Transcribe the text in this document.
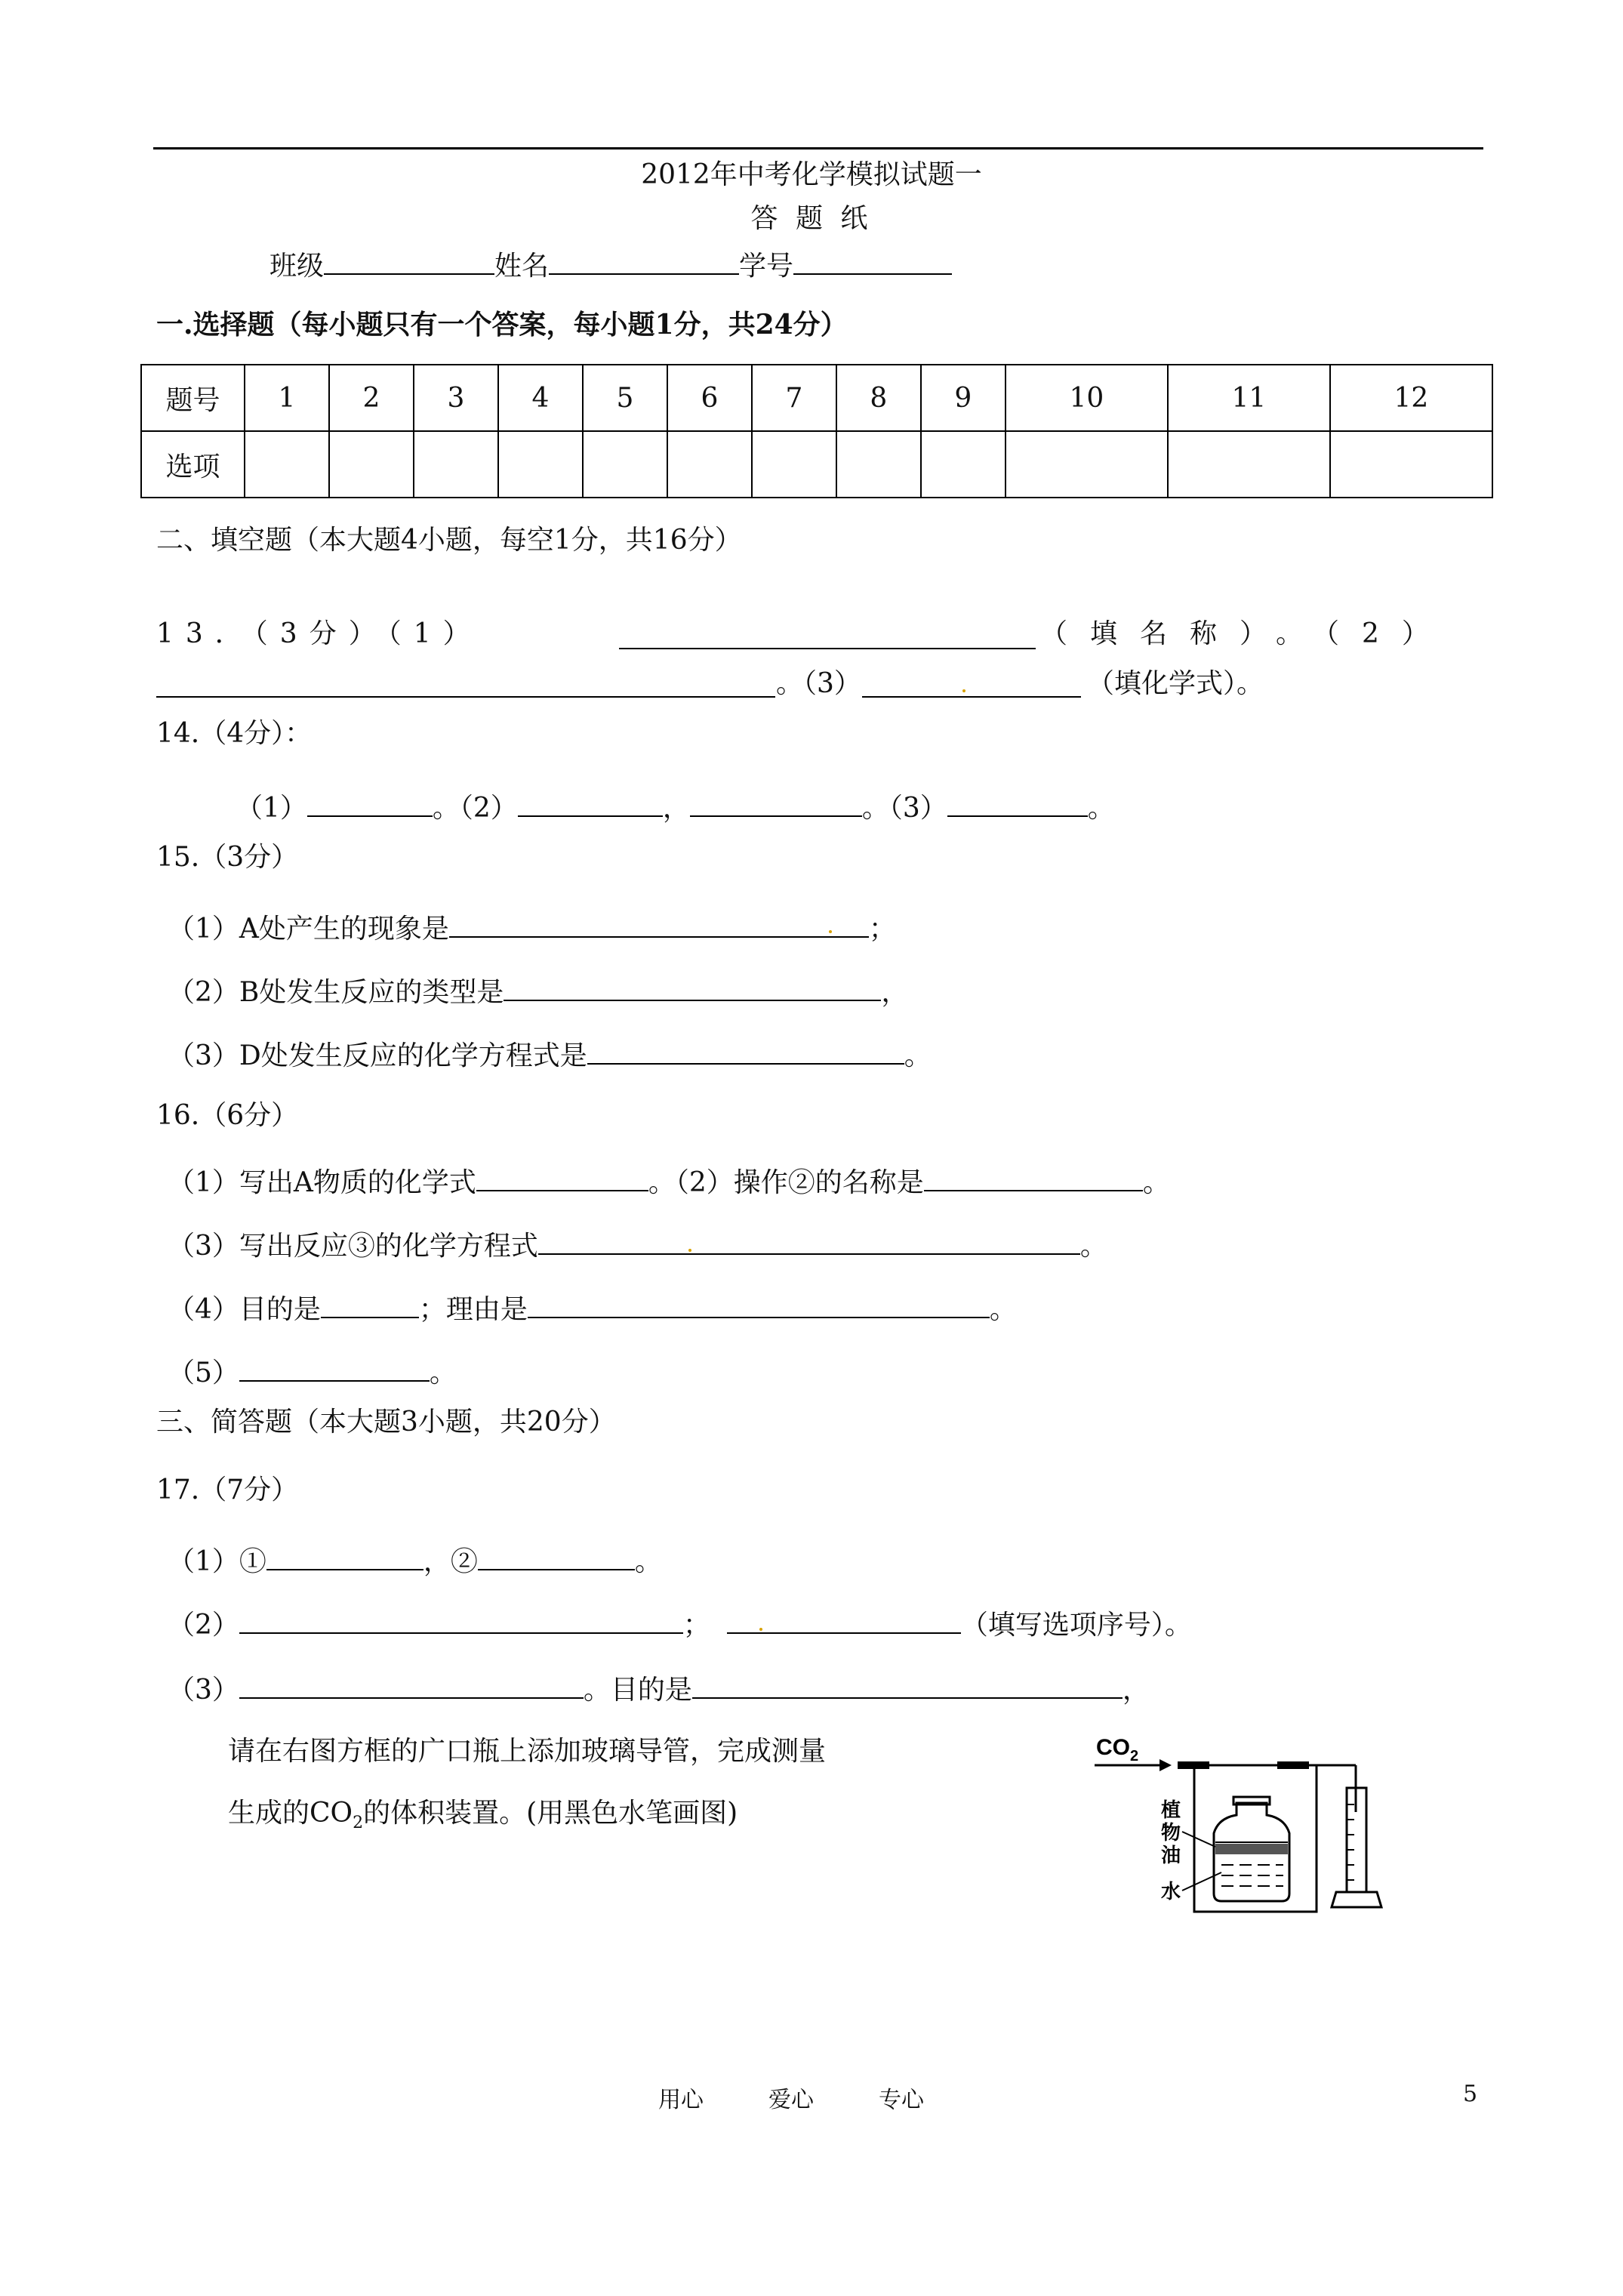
2012年中考化学模拟试题一
答 题 纸
班级	姓名	学号
一.选择题（每小题只有一个答案，每小题1分，共24分）
题号	1	2	3	4	5	6	7	8	9	10	11	12
选项												
二、填空题（本大题4小题，每空1分，共16分）
13．（3分）（1）	（填名称）。（2）
。（3）	（填化学式）。
14.（4分）：
（1）	。（2）	，	。（3）	。
15.（3分）
（1）A处产生的现象是	；
（2）B处发生反应的类型是	，
（3）D处发生反应的化学方程式是	。
16.（6分）
（1）写出A物质的化学式	。（2）操作②的名称是	。
（3）写出反应③的化学方程式	。
（4）目的是	；理由是	。
（5）	。
三、简答题（本大题3小题，共20分）
17.（7分）
（1）①	，②	。
（2）	；	（填写选项序号）。
（3）	。目的是	，
请在右图方框的广口瓶上添加玻璃导管，完成测量
生成的$CO_2$的体积装置。(用黑色水笔画图)
$CO_2$
植
物
油
水
用心	爱心	专心	5
